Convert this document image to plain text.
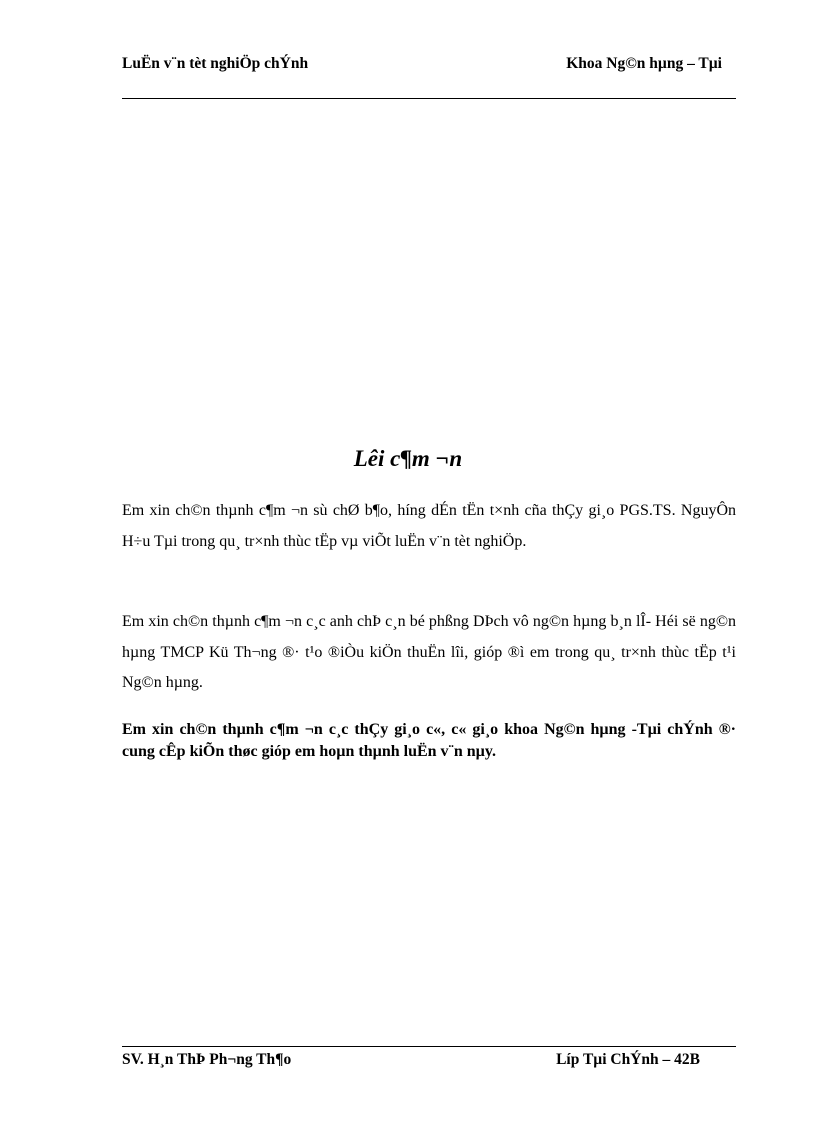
LuËn v¨n tèt nghiÖp chÝnh	Khoa Ng©n hµng – Tµi
Lêi c¶m ¬n
Em xin ch©n thµnh c¶m ¬n sù chØ b¶o, híng dÉn tËn t×nh cña thÇy gi¸o PGS.TS. NguyÔn H÷u Tµi trong qu¸ tr×nh thùc tËp vµ viÕt luËn v¨n tèt nghiÖp.
Em xin ch©n thµnh c¶m ¬n c¸c anh chÞ c¸n bé phßng DÞch vô ng©n hµng b¸n lÎ- Héi së ng©n hµng TMCP Kü Th¬ng ®· t¹o ®iÒu kiÖn thuËn lîi, gióp ®ì em trong qu¸ tr×nh thùc tËp t¹i Ng©n hµng.
Em xin ch©n thµnh c¶m ¬n c¸c thÇy gi¸o c«, c« gi¸o khoa Ng©n hµng -Tµi chÝnh ®· cung cÊp kiÕn thøc gióp em hoµn thµnh luËn v¨n nµy.
SV. H¸n ThÞ Ph¬ng Th¶o	Líp Tµi ChÝnh – 42B
